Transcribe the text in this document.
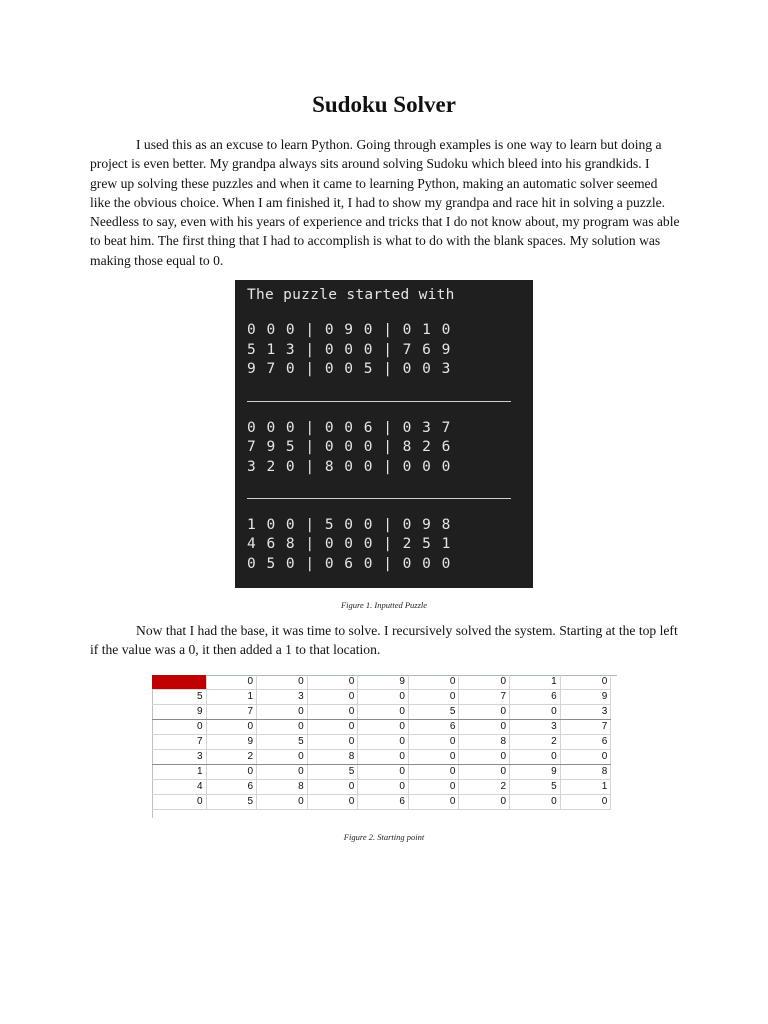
Sudoku Solver

I used this as an excuse to learn Python. Going through examples is one way to learn but doing a project is even better. My grandpa always sits around solving Sudoku which bleed into his grandkids. I grew up solving these puzzles and when it came to learning Python, making an automatic solver seemed like the obvious choice. When I am finished it, I had to show my grandpa and race hit in solving a puzzle. Needless to say, even with his years of experience and tricks that I do not know about, my program was able to beat him. The first thing that I had to accomplish is what to do with the blank spaces. My solution was making those equal to 0.

The puzzle started with
0 0 0 | 0 9 0 | 0 1 0
5 1 3 | 0 0 0 | 7 6 9
9 7 0 | 0 0 5 | 0 0 3
0 0 0 | 0 0 6 | 0 3 7
7 9 5 | 0 0 0 | 8 2 6
3 2 0 | 8 0 0 | 0 0 0
1 0 0 | 5 0 0 | 0 9 8
4 6 8 | 0 0 0 | 2 5 1
0 5 0 | 0 6 0 | 0 0 0
Figure 1. Inputted Puzzle

Now that I had the base, it was time to solve. I recursively solved the system. Starting at the top left if the value was a 0, it then added a 1 to that location.

0	0	0	0	9	0	0	1	0
5	1	3	0	0	0	7	6	9
9	7	0	0	0	5	0	0	3
0	0	0	0	0	6	0	3	7
7	9	5	0	0	0	8	2	6
3	2	0	8	0	0	0	0	0
1	0	0	5	0	0	0	9	8
4	6	8	0	0	0	2	5	1
0	5	0	0	6	0	0	0	0
Figure 2. Starting point
